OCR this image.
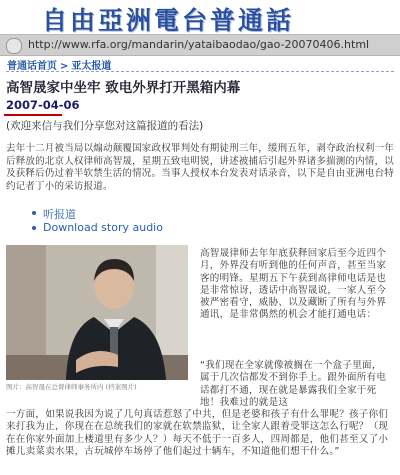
自由亞洲電台普通話
http://www.rfa.org/mandarin/yataibaodao/gao-20070406.html
普通话首页 > 亚太报道
高智晟家中坐牢 致电外界打开黑箱内幕
2007-04-06
(欢迎来信与我们分享您对这篇报道的看法)
去年十二月被当局以煽动颠覆国家政权罪判处有期徒刑三年，缓刑五年，剥夺政治权利一年 后释放的北京人权律师高智晟，星期五致电明锐，讲述被捕后引起外界诸多揣测的内情，以及获释后仍过着半软禁生活的情况。当事人授权本台发表对话录音，以下是自由亚洲电台特约记者丁小的采访报道。
听报道
Download story audio
图片：高智晟在总督律师事务所内 (档案图片)
高智晟律师去年年底获释回家后至今近四个月，外界没有听到他的任何声音，甚至当家客的明锋。星期五下午获到高律师电话是也是非常惊讶，透话中高智晟说，一家人至今被严密看守，威胁、以及藏断了所有与外界通讯，是非常偶然的机会才能打通电话：
“我们现在全家就像被搁在一个盒子里面，属于几次信都发不到你手上。跟外面所有电话都打不通，现在就是暴露我们全家于死地！我难过的就是这
一方面，如果说我因为说了几句真话惹怒了中共，但是老婆和孩子有什么罪呢？孩子你们来打我为止，你现在在总统我们的家就在软禁监狱，让全家人跟着受罪这怎么行呢？（现在在你家外面加上楼道里有多少人？）每天不低于一百多人，四周都是，他们甚至又了小摊儿卖菜卖水果，古玩城停车场停了他们起过十辆车，不知道他们想干什么。”
